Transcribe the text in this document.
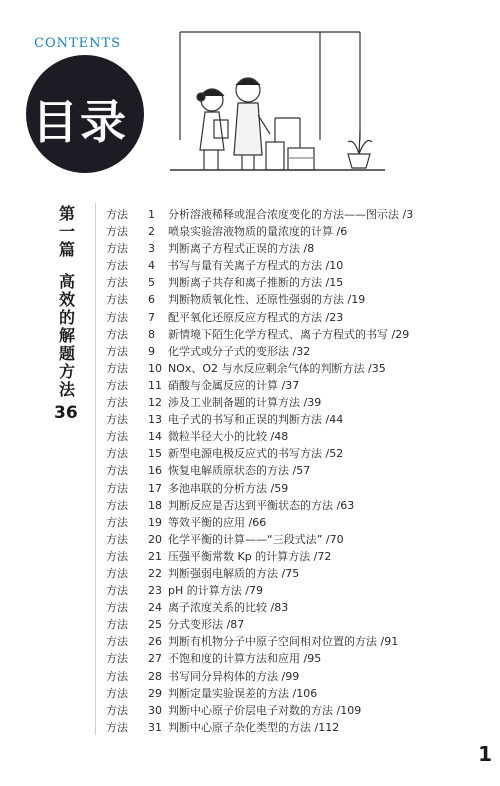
CONTENTS
目录
第
一
篇
高
效
的
解
题
方
法
36
方法	1	分析溶液稀释或混合浓度变化的方法——图示法 /3
方法	2	喷泉实验溶液物质的量浓度的计算 /6
方法	3	判断离子方程式正误的方法 /8
方法	4	书写与量有关离子方程式的方法 /10
方法	5	判断离子共存和离子推断的方法 /15
方法	6	判断物质氧化性、还原性强弱的方法 /19
方法	7	配平氧化还原反应方程式的方法 /23
方法	8	新情境下陌生化学方程式、离子方程式的书写 /29
方法	9	化学式或分子式的变形法 /32
方法	10 NOx、O2 与水反应剩余气体的判断方法 /35
方法	11 硝酸与金属反应的计算 /37
方法	12 涉及工业制备题的计算方法 /39
方法	13 电子式的书写和正误的判断方法 /44
方法	14 微粒半径大小的比较 /48
方法	15 新型电源电极反应式的书写方法 /52
方法	16 恢复电解质原状态的方法 /57
方法	17 多池串联的分析方法 /59
方法	18 判断反应是否达到平衡状态的方法 /63
方法	19 等效平衡的应用 /66
方法	20 化学平衡的计算——“三段式法” /70
方法	21 压强平衡常数 Kp 的计算方法 /72
方法	22 判断强弱电解质的方法 /75
方法	23 pH 的计算方法 /79
方法	24 离子浓度关系的比较 /83
方法	25 分式变形法 /87
方法	26 判断有机物分子中原子空间相对位置的方法 /91
方法	27 不饱和度的计算方法和应用 /95
方法	28 书写同分异构体的方法 /99
方法	29 判断定量实验误差的方法 /106
方法	30 判断中心原子价层电子对数的方法 /109
方法	31 判断中心原子杂化类型的方法 /112
1
